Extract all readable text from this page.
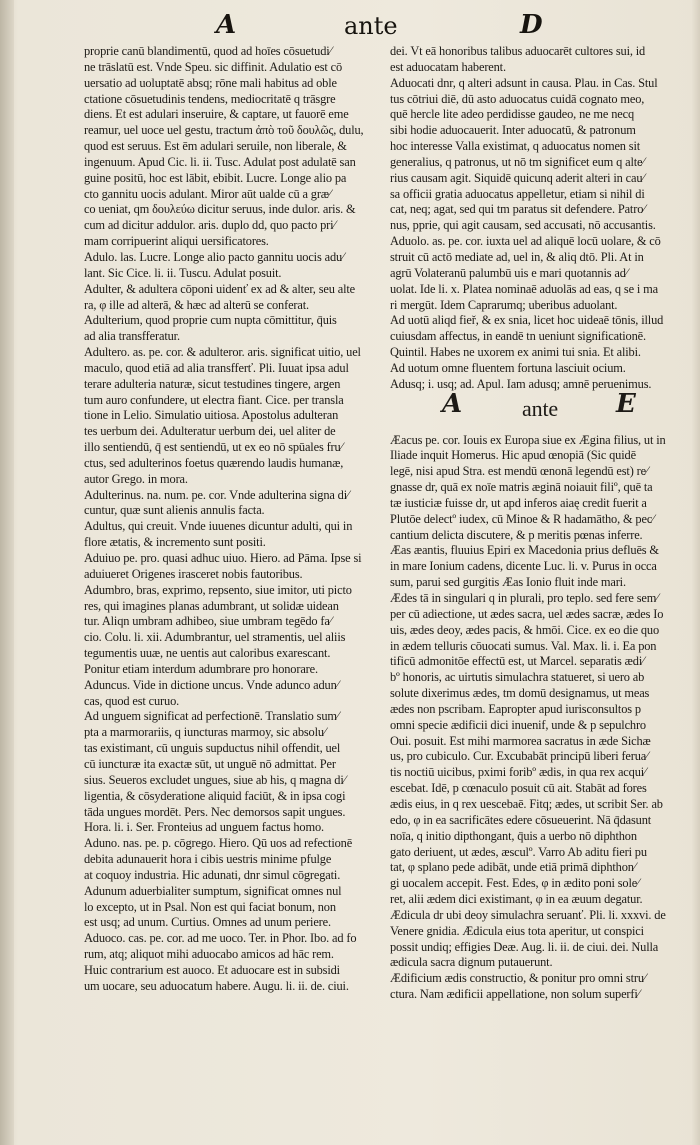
A	ante	D
proprie canū blandimentū, quod ad hoīes cōsuetudi⁄
ne trāslatū est. Vnde Speu. sic diffinit. Adulatio est cō
uersatio ad uoluptatē absq; rōne mali habitus ad oble
ctatione cōsuetudinis tendens, mediocritatē q trāsgre
diens. Et est adulari inseruire, & captare, ut fauorē eme
reamur, uel uoce uel gestu, tractum ἀπὸ τοῦ δουλῶς, dulu,
quod est seruus. Est ēm adulari seruile, non liberale, &
ingenuum. Apud Cic. li. ii. Tusc. Adulat post adulatē san
guine positū, hoc est lābit, ebibit. Lucre. Longe alio pa
cto gannitu uocis adulant. Miror aūt ualde cū a græ⁄
co ueniat, qm δουλεύω dicitur seruus, inde dulor. aris. &
cum ad dicitur addulor. aris. duplo dd, quo pacto pri⁄
mam corripuerint aliqui uersificatores.
Adulo. las. Lucre. Longe alio pacto gannitu uocis adu⁄
lant. Sic Cice. li. ii. Tuscu. Adulat posuit.
Adulter, & adultera cōponi uidenť ex ad & alter, seu alte
ra, φ ille ad alterā, & hæc ad alterū se conferat.
Adulterium, quod proprie cum nupta cōmittitur, q̄uis
ad alia transfferatur.
Adultero. as. pe. cor. & adulteror. aris. significat uitio, uel
maculo, quod etiā ad alia transfferť. Pli. Iuuat ipsa adul
terare adulteria naturæ, sicut testudines tingere, argen
tum auro confundere, ut electra fiant. Cice. per transla
tione in Lelio. Simulatio uitiosa. Apostolus adulteran
tes uerbum dei. Adulteratur uerbum dei, uel aliter de
illo sentiendū, q̄ est sentiendū, ut ex eo nō spūales fru⁄
ctus, sed adulterinos foetus quærendo laudis humanæ,
autor Grego. in mora.
Adulterinus. na. num. pe. cor. Vnde adulterina signa di⁄
cuntur, quæ sunt alienis annulis facta.
Adultus, qui creuit. Vnde iuuenes dicuntur adulti, qui in
flore ætatis, & incremento sunt positi.
Aduiuo pe. pro. quasi adhuc uiuo. Hiero. ad Pāma. Ipse si
aduiueret Origenes irasceret nobis fautoribus.
Adumbro, bras, exprimo, repsento, siue imitor, uti picto
res, qui imagines planas adumbrant, ut solidæ uidean
tur. Aliqn umbram adhibeo, siue umbram tegēdo fa⁄
cio. Colu. li. xii. Adumbrantur, uel stramentis, uel aliis
tegumentis uuæ, ne uentis aut caloribus exarescant.
Ponitur etiam interdum adumbrare pro honorare.
Aduncus. Vide in dictione uncus. Vnde adunco adun⁄
cas, quod est curuo.
Ad unguem significat ad perfectionē. Translatio sum⁄
pta a marmorariis, q iuncturas marmoy, sic absolu⁄
tas existimant, cū unguis supductus nihil offendit, uel
cū iuncturæ ita exactæ sūt, ut unguē nō admittat. Per
sius. Seueros excludet ungues, siue ab his, q magna di⁄
ligentia, & cōsyderatione aliquid faciūt, & in ipsa cogi
tāda ungues mordēt. Pers. Nec demorsos sapit ungues.
Hora. li. i. Ser. Fronteius ad unguem factus homo.
Aduno. nas. pe. p. cōgrego. Hiero. Qū uos ad refectionē
debita adunauerit hora i cibis uestris minime pfulge
at coquoy industria. Hic adunati, dnr simul cōgregati.
Adunum aduerbialiter sumptum, significat omnes nul
lo excepto, ut in Psal. Non est qui faciat bonum, non
est usq; ad unum. Curtius. Omnes ad unum periere.
Aduoco. cas. pe. cor. ad me uoco. Ter. in Phor. Ibo. ad fo
rum, atq; aliquot mihi aduocabo amicos ad hāc rem.
Huic contrarium est auoco. Et aduocare est in subsidi
um uocare, seu aduocatum habere. Augu. li. ii. de. ciui.
dei. Vt eā honoribus talibus aduocarēt cultores sui, id
est aduocatam haberent.
Aduocati dnr, q alteri adsunt in causa. Plau. in Cas. Stul
tus cōtriui diē, dū asto aduocatus cuidā cognato meo,
quē hercle lite adeo perdidisse gaudeo, ne me necq
sibi hodie aduocauerit. Inter aduocatū, & patronum
hoc interesse Valla existimat, q aduocatus nomen sit
generalius, q patronus, ut nō tm significet eum q alte⁄
rius causam agit. Siquidē quicunq aderit alteri in cau⁄
sa officii gratia aduocatus appelletur, etiam si nihil di
cat, neq; agat, sed qui tm paratus sit defendere. Patro⁄
nus, pprie, qui agit causam, sed accusati, nō accusantis.
Aduolo. as. pe. cor. iuxta uel ad aliquē locū uolare, & cō
struit cū actō mediate ad, uel in, & aliq dtō. Pli. At in
agrū Volateranū palumbū uis e mari quotannis ad⁄
uolat. Ide li. x. Platea nominaē aduolās ad eas, q se i ma
ri mergūt. Idem Caprarumq; uberibus aduolant.
Ad uotū aliqd fieř, & ex snia, licet hoc uideaē tōnis, illud
cuiusdam affectus, in eandē tn ueniunt significationē.
Quintil. Habes ne uxorem ex animi tui snia. Et alibi.
Ad uotum omne fluentem fortuna lasciuit ocium.
Adusq; i. usq; ad. Apul. Iam adusq; amnē peruenimus.
A	ante E
Æacus pe. cor. Iouis ex Europa siue ex Ægina filius, ut in
Iliade inquit Homerus. Hic apud œnopiā (Sic quidē
legē, nisi apud Stra. est mendū œnonā legendū est) re⁄
gnasse dr, quā ex noīe matris æginā noiauit filiº, quē ta
tæ iusticiæ fuisse dr, ut apd inferos aiaę credit fuerit a
Plutōe delectº iudex, cū Minoe & R hadamātho, & pec⁄
cantium delicta discutere, & p meritis pœnas inferre.
Æas æantis, fluuius Epiri ex Macedonia prius defluēs &
in mare Ionium cadens, dicente Luc. li. v. Purus in occa
sum, parui sed gurgitis Æas Ionio fluit inde mari.
Ædes tā in singulari q in plurali, pro teplo. sed fere sem⁄
per cū adiectione, ut ædes sacra, uel ædes sacræ, ædes Io
uis, ædes deoy, ædes pacis, & hmōi. Cice. ex eo die quo
in ædem telluris cōuocati sumus. Val. Max. li. i. Ea pon
tificū admonitōe effectū est, ut Marcel. separatis ædi⁄
bº honoris, ac uirtutis simulachra statueret, si uero ab
solute dixerimus ædes, tm domū designamus, ut meas
ædes non pscribam. Eapropter apud iurisconsultos p
omni specie ædificii dici inuenif, unde & p sepulchro
Oui. posuit. Est mihi marmorea sacratus in æde Sichæ
us, pro cubiculo. Cur. Excubabāt principū liberi ferua⁄
tis noctiū uicibus, pximi foribº ædis, in qua rex acqui⁄
escebat. Idē, p cœnaculo posuit cū ait. Stabāt ad fores
ædis eius, in q rex uescebaē. Fitq; ædes, ut scribit Ser. ab
edo, φ in ea sacrificātes edere cōsueuerint. Nā q̄dasunt
noīa, q initio dipthongant, q̄uis a uerbo nō diphthon
gato deriuent, ut ædes, æsculº. Varro Ab aditu fieri pu
tat, φ splano pede adibāt, unde etiā primā diphthon⁄
gi uocalem accepit. Fest. Edes, φ in ædito poni sole⁄
ret, alii ædem dici existimant, φ in ea æuum degatur.
Ædicula dr ubi deoy simulachra seruanť. Pli. li. xxxvi. de
Venere gnidia. Ædicula eius tota aperitur, ut conspici
possit undiq; effigies Deæ. Aug. li. ii. de ciui. dei. Nulla
ædicula sacra dignum putauerunt.
Ædificium ædis constructio, & ponitur pro omni stru⁄
ctura. Nam ædificii appellatione, non solum superfi⁄
